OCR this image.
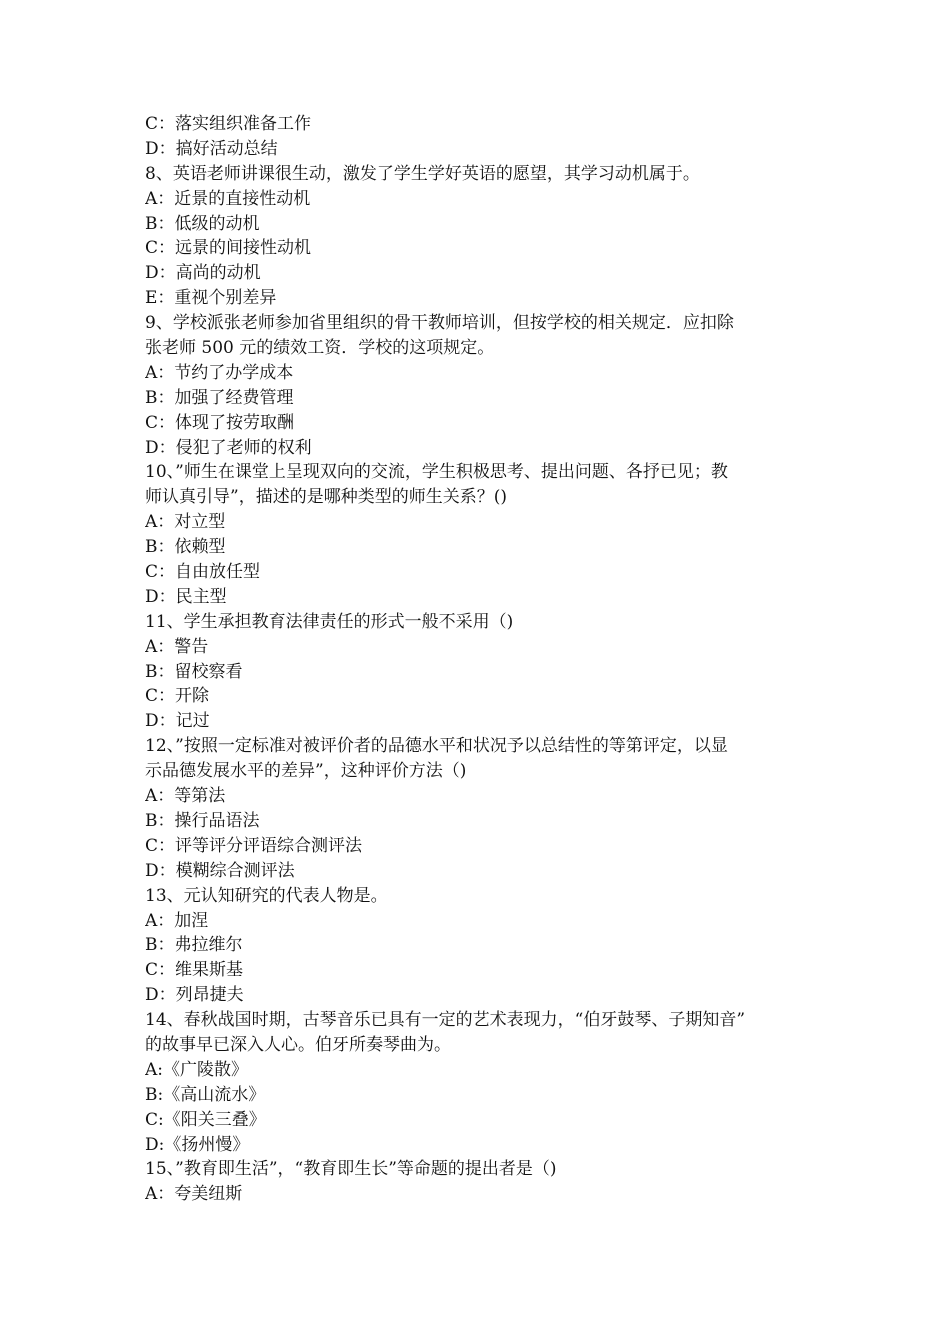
C：落实组织准备工作
D：搞好活动总结
8、英语老师讲课很生动，激发了学生学好英语的愿望，其学习动机属于。
A：近景的直接性动机
B：低级的动机
C：远景的间接性动机
D：高尚的动机
E：重视个别差异
9、学校派张老师参加省里组织的骨干教师培训，但按学校的相关规定．应扣除
张老师 500 元的绩效工资．学校的这项规定。
A：节约了办学成本
B：加强了经费管理
C：体现了按劳取酬
D：侵犯了老师的权利
10、”师生在课堂上呈现双向的交流，学生积极思考、提出问题、各抒已见；教
师认真引导”，描述的是哪种类型的师生关系？()
A：对立型
B：依赖型
C：自由放任型
D：民主型
11、学生承担教育法律责任的形式一般不采用（)
A：警告
B：留校察看
C：开除
D：记过
12、”按照一定标准对被评价者的品德水平和状况予以总结性的等第评定，以显
示品德发展水平的差异”，这种评价方法（)
A：等第法
B：操行品语法
C：评等评分评语综合测评法
D：模糊综合测评法
13、元认知研究的代表人物是。
A：加涅
B：弗拉维尔
C：维果斯基
D：列昂捷夫
14、春秋战国时期，古琴音乐已具有一定的艺术表现力，“伯牙鼓琴、子期知音”
的故事早已深入人心。伯牙所奏琴曲为。
A:《广陵散》
B:《高山流水》
C:《阳关三叠》
D:《扬州慢》
15、”教育即生活”，“教育即生长”等命题的提出者是（)
A：夸美纽斯
